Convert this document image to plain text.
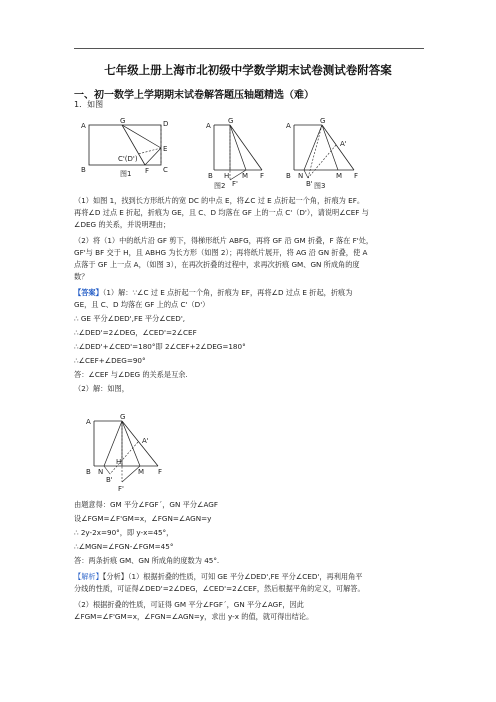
七年级上册上海市北初级中学数学期末试卷测试卷附答案
一、初一数学上学期期末试卷解答题压轴题精选（难）
1．如图
A
G	D
E
C'(D')
B	F C
图1
A
G
B H M F
F'
图2
A
G
A'
B N	M F
B' 图3
（1）如图 1，找到长方形纸片的宽 DC 的中点 E，将∠C 过 E 点折起一个角，折痕为 EF。
再将∠D 过点 E 折起，折痕为 GE，且 C、D 均落在 GF 上的一点 C'（D'），请说明∠CEF 与
∠DEG 的关系，并说明理由；
（2）将（1）中的纸片沿 GF 剪下，得梯形纸片 ABFG，再将 GF 沿 GM 折叠，F 落在 F'处，
GF'与 BF 交于 H，且 ABHG 为长方形（如图 2）；再将纸片展开，将 AG 沿 GN 折叠，使 A
点落于 GF 上一点 A，（如图 3），在再次折叠的过程中，求再次折痕 GM、GN 所成角的度
数？
【答案】（1）解：∵∠C 过 E 点折起一个角，折痕为 EF，再将∠D 过点 E 折起，折痕为
GE，且 C、D 均落在 GF 上的点 C'（D'）
∴ GE 平分∠DED',FE 平分∠CED',
∴∠DED'=2∠DEG，∠CED'=2∠CEF
∴∠DED'+∠CED'=180°即 2∠CEF+2∠DEG=180°
∴∠CEF+∠DEG=90°
答：∠CEF 与∠DEG 的关系是互余.
（2）解：如图，
A
G
A'
B N
H
M F
B'
F'
由题意得：GM 平分∠FGF´，GN 平分∠AGF
设∠FGM=∠F'GM=x，∠FGN=∠AGN=y
∴ 2y-2x=90°，即 y-x=45°，
∴∠MGN=∠FGN-∠FGM=45°
答：两条折痕 GM、GN 所成角的度数为 45°.
【解析】【分析】（1）根据折叠的性质，可知 GE 平分∠DED',FE 平分∠CED'，再利用角平
分线的性质，可证得∠DED'=2∠DEG，∠CED'=2∠CEF，然后根据平角的定义，可解答。
（2）根据折叠的性质，可证得 GM 平分∠FGF´，GN 平分∠AGF，因此
∠FGM=∠F'GM=x，∠FGN=∠AGN=y，求出 y-x 的值，就可得出结论。
